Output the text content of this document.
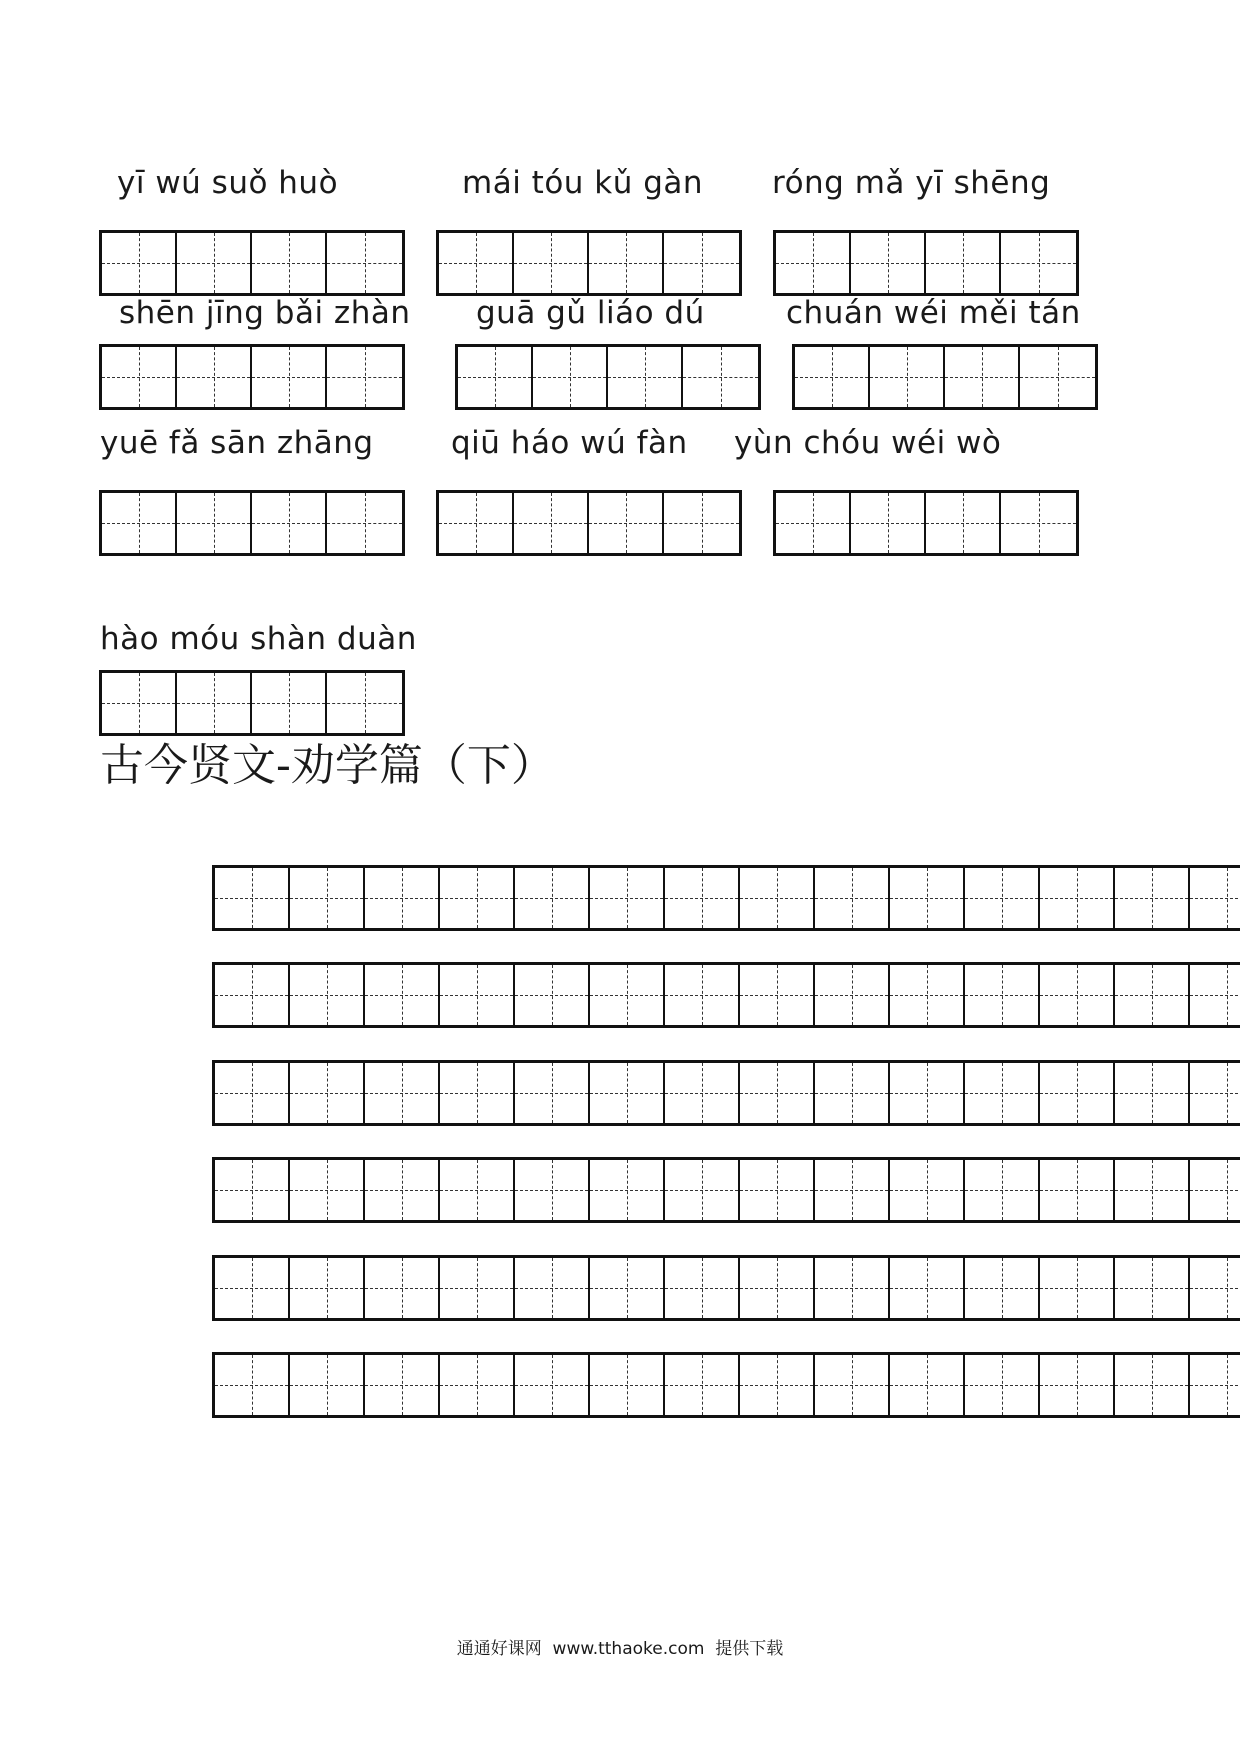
yī wú suǒ huò	mái tóu kǔ gàn róng mǎ yī shēng
shēn jīng bǎi zhàn guā gǔ liáo dú	chuán wéi měi tán
yuē fǎ sān zhāng qiū háo wú fàn yùn chóu wéi wò
hào móu shàn duàn
古今贤文-劝学篇（下）
通通好课网  www.tthaoke.com  提供下载
